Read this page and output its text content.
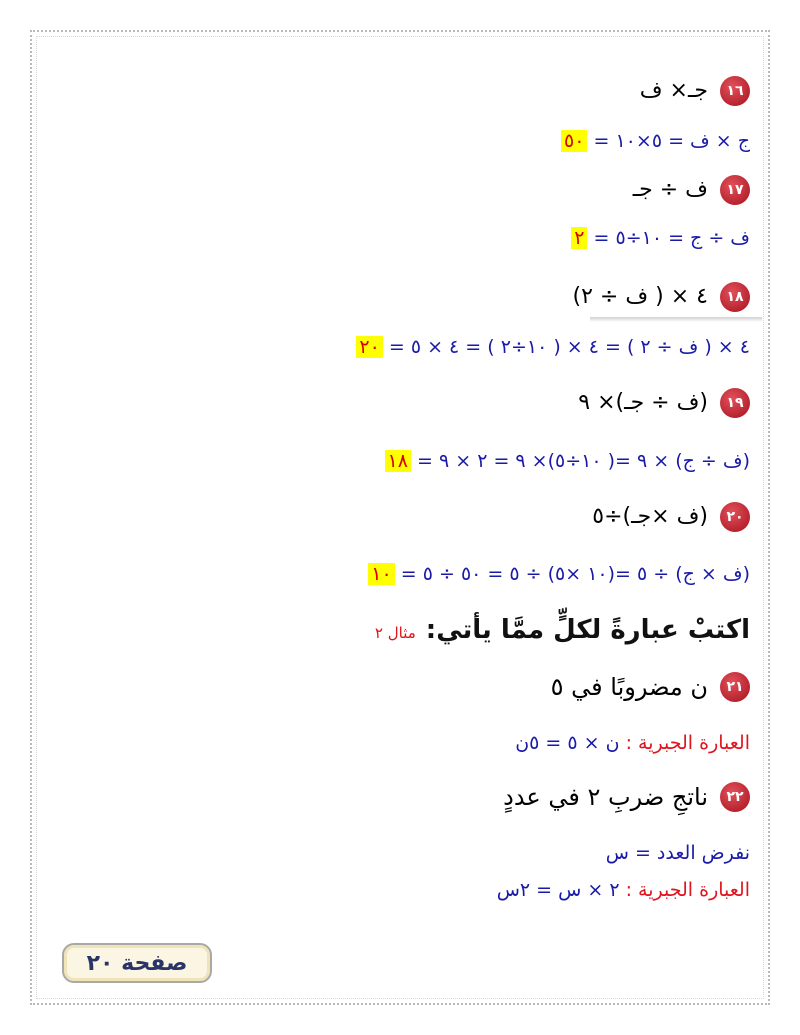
١٦
جـ× ف
ج × ف = ٥×١٠ = ٥٠
١٧
ف ÷ جـ
ف ÷ ج = ١٠÷٥ = ٢
١٨
٤ × ( ف ÷ ٢)
٤ × ( ف ÷ ٢ ) = ٤ × ( ١٠÷٢ ) = ٤ × ٥ = ٢٠
١٩
(ف ÷ جـ)× ٩
(ف ÷ ج) × ٩ =( ١٠÷٥)× ٩ = ٢ × ٩ = ١٨
٢٠
(ف ×جـ)÷٥
(ف × ج) ÷ ٥ =(١٠ ×٥) ÷ ٥ = ٥٠ ÷ ٥ = ١٠
اكتبْ عبارةً لكلٍّ ممَّا يأتي:
مثال ٢
٢١
ن مضروبًا في ٥
العبارة الجبرية : ن × ٥ = ٥ن
٢٢
ناتجِ ضربِ ٢ في عددٍ
نفرض العدد = س
العبارة الجبرية : ٢ × س = ٢س
صفحة ٢٠
